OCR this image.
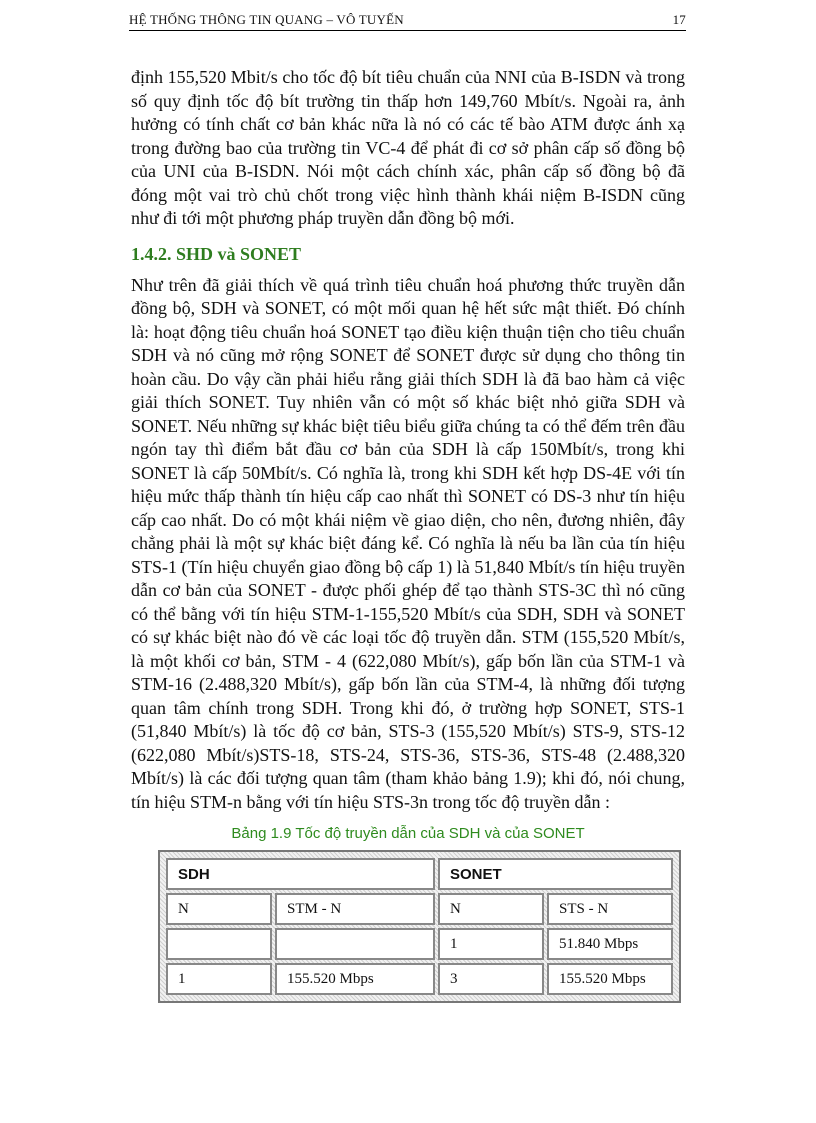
HỆ THỐNG THÔNG TIN QUANG – VÔ TUYẾN	17

định 155,520 Mbit/s cho tốc độ bít tiêu chuẩn của NNI của B-ISDN và trong số quy định tốc độ bít trường tin thấp hơn 149,760 Mbít/s. Ngoài ra, ảnh hưởng có tính chất cơ bản khác nữa là nó có các tế bào ATM được ánh xạ trong đường bao của trường tin VC-4 để phát đi cơ sở phân cấp số đồng bộ của UNI của B-ISDN. Nói một cách chính xác, phân cấp số đồng bộ đã đóng một vai trò chủ chốt trong việc hình thành khái niệm B-ISDN cũng như đi tới một phương pháp truyền dẫn đồng bộ mới.

1.4.2. SHD và SONET

Như trên đã giải thích về quá trình tiêu chuẩn hoá phương thức truyền dẫn đồng bộ, SDH và SONET, có một mối quan hệ hết sức mật thiết. Đó chính là: hoạt động tiêu chuẩn hoá SONET tạo điều kiện thuận tiện cho tiêu chuẩn SDH và nó cũng mở rộng SONET để SONET được sử dụng cho thông tin hoàn cầu. Do vậy cần phải hiểu rằng giải thích SDH là đã bao hàm cả việc giải thích SONET. Tuy nhiên vẫn có một số khác biệt nhỏ giữa SDH và SONET. Nếu những sự khác biệt tiêu biểu giữa chúng ta có thể đếm trên đầu ngón tay thì điểm bắt đầu cơ bản của SDH là cấp 150Mbít/s, trong khi SONET là cấp 50Mbít/s. Có nghĩa là, trong khi SDH kết hợp DS-4E với tín hiệu mức thấp thành tín hiệu cấp cao nhất thì SONET có DS-3 như tín hiệu cấp cao nhất. Do có một khái niệm về giao diện, cho nên, đương nhiên, đây chẳng phải là một sự khác biệt đáng kể. Có nghĩa là nếu ba lần của tín hiệu STS-1 (Tín hiệu chuyển giao đồng bộ cấp 1) là 51,840 Mbít/s tín hiệu truyền dẫn cơ bản của SONET - được phối ghép để tạo thành STS-3C thì nó cũng có thể bằng với tín hiệu STM-1-155,520 Mbít/s của SDH, SDH và SONET có sự khác biệt nào đó về các loại tốc độ truyền dẫn. STM (155,520 Mbít/s, là một khối cơ bản, STM - 4 (622,080 Mbít/s), gấp bốn lần của STM-1 và STM-16 (2.488,320 Mbít/s), gấp bốn lần của STM-4, là những đối tượng quan tâm chính trong SDH. Trong khi đó, ở trường hợp SONET, STS-1 (51,840 Mbít/s) là tốc độ cơ bản, STS-3 (155,520 Mbít/s) STS-9, STS-12 (622,080 Mbít/s)STS-18, STS-24, STS-36, STS-36, STS-48 (2.488,320 Mbít/s) là các đối tượng quan tâm (tham khảo bảng 1.9); khi đó, nói chung, tín hiệu STM-n bằng với tín hiệu STS-3n trong tốc độ truyền dẫn :

Bảng 1.9 Tốc độ truyền dẫn của SDH và của SONET
SDH		SONET	
N	STM - N	N	STS - N
		1	51.840 Mbps
1	155.520 Mbps	3	155.520 Mbps
